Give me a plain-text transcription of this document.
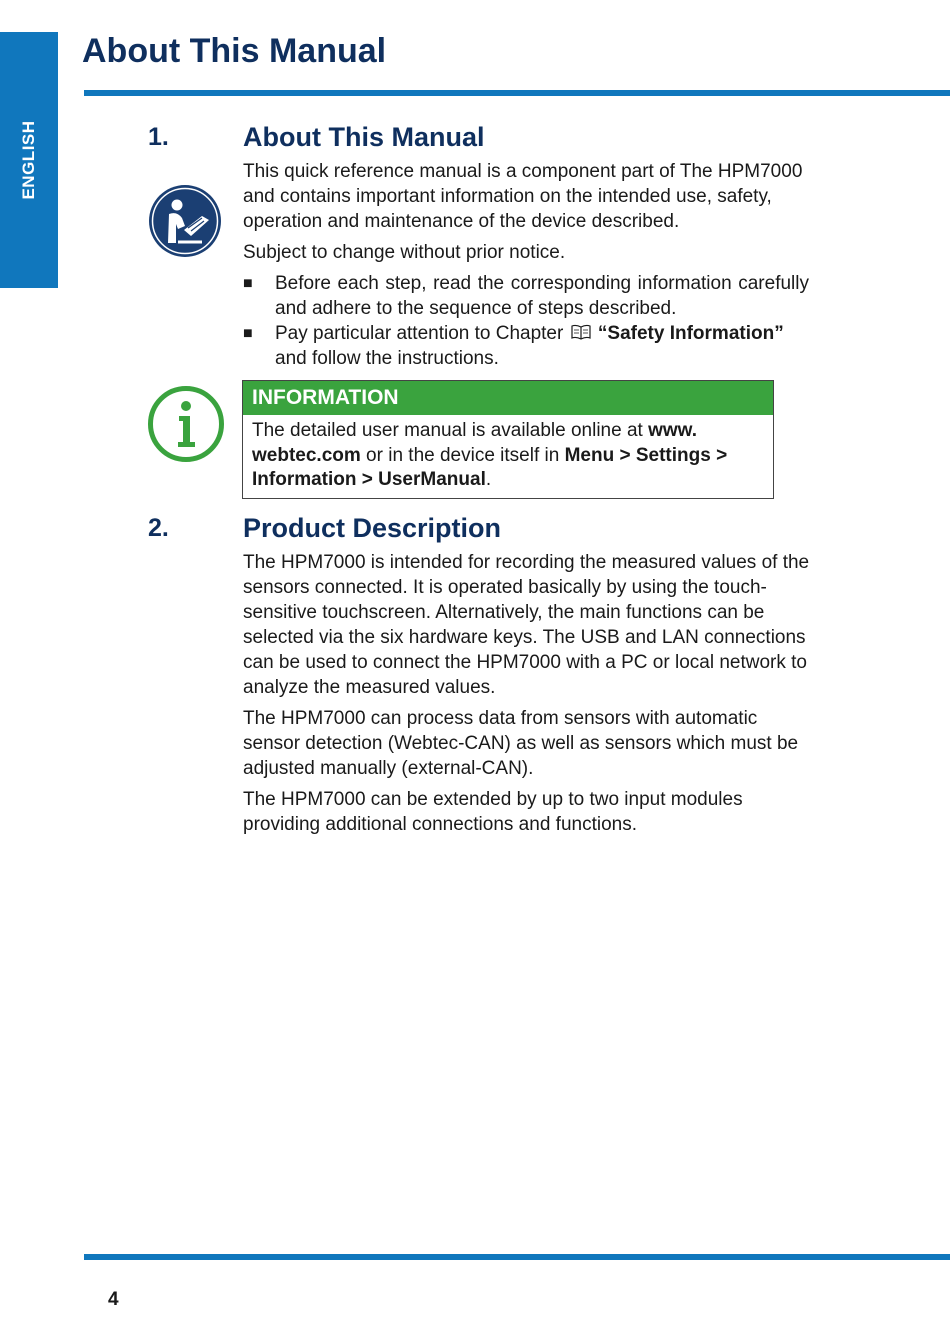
ENGLISH
About This Manual
1.	About This Manual

This quick reference manual is a component part of The HPM7000 and contains important information on the intended use, safety, operation and maintenance of the device described.

Subject to change without prior notice.

■ Before each step, read the corresponding information carefully and adhere to the sequence of steps described.
■ Pay particular attention to Chapter “Safety Information”
and follow the instructions.
INFORMATION
The detailed user manual is available online at www. webtec.com or in the device itself in Menu > Settings > Information > UserManual.
2.	Product Description

The HPM7000 is intended for recording the measured values of the sensors connected. It is operated basically by using the touch-sensitive touchscreen. Alternatively, the main functions can be selected via the six hardware keys. The USB and LAN connections can be used to connect the HPM7000 with a PC or local network to analyze the measured values.

The HPM7000 can process data from sensors with automatic sensor detection (Webtec-CAN) as well as sensors which must be adjusted manually (external-CAN).

The HPM7000 can be extended by up to two input modules providing additional connections and functions.

4
